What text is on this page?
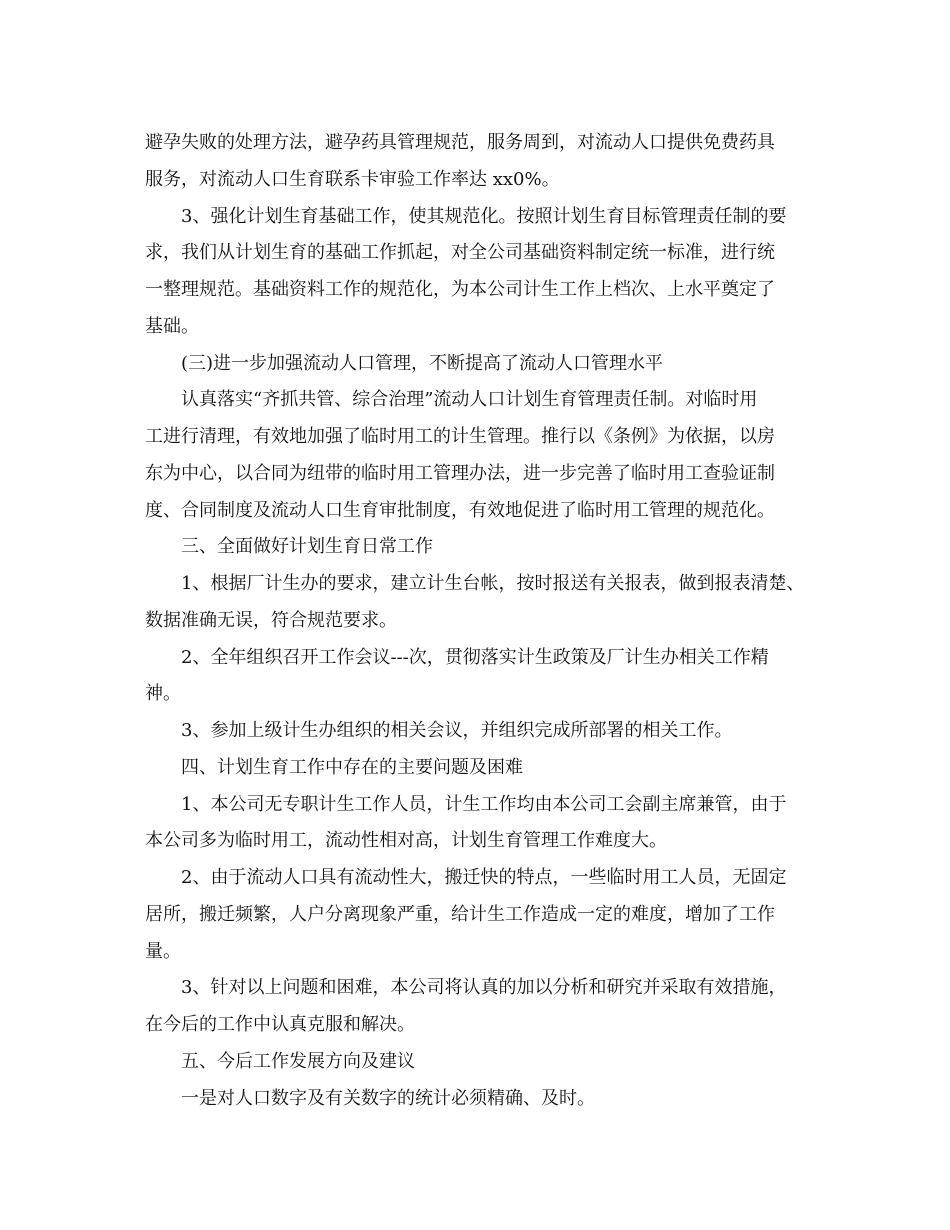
避孕失败的处理方法，避孕药具管理规范，服务周到，对流动人口提供免费药具
服务，对流动人口生育联系卡审验工作率达 xx0%。
3、强化计划生育基础工作，使其规范化。按照计划生育目标管理责任制的要
求，我们从计划生育的基础工作抓起，对全公司基础资料制定统一标准，进行统
一整理规范。基础资料工作的规范化，为本公司计生工作上档次、上水平奠定了
基础。
(三)进一步加强流动人口管理，不断提高了流动人口管理水平
认真落实“齐抓共管、综合治理”流动人口计划生育管理责任制。对临时用
工进行清理，有效地加强了临时用工的计生管理。推行以《条例》为依据，以房
东为中心，以合同为纽带的临时用工管理办法，进一步完善了临时用工查验证制
度、合同制度及流动人口生育审批制度，有效地促进了临时用工管理的规范化。
三、全面做好计划生育日常工作
1、根据厂计生办的要求，建立计生台帐，按时报送有关报表，做到报表清楚、
数据准确无误，符合规范要求。
2、全年组织召开工作会议---次，贯彻落实计生政策及厂计生办相关工作精
神。
3、参加上级计生办组织的相关会议，并组织完成所部署的相关工作。
四、计划生育工作中存在的主要问题及困难
1、本公司无专职计生工作人员，计生工作均由本公司工会副主席兼管，由于
本公司多为临时用工，流动性相对高，计划生育管理工作难度大。
2、由于流动人口具有流动性大，搬迁快的特点，一些临时用工人员，无固定
居所，搬迁频繁，人户分离现象严重，给计生工作造成一定的难度，增加了工作
量。
3、针对以上问题和困难，本公司将认真的加以分析和研究并采取有效措施，
在今后的工作中认真克服和解决。
五、今后工作发展方向及建议
一是对人口数字及有关数字的统计必须精确、及时。
